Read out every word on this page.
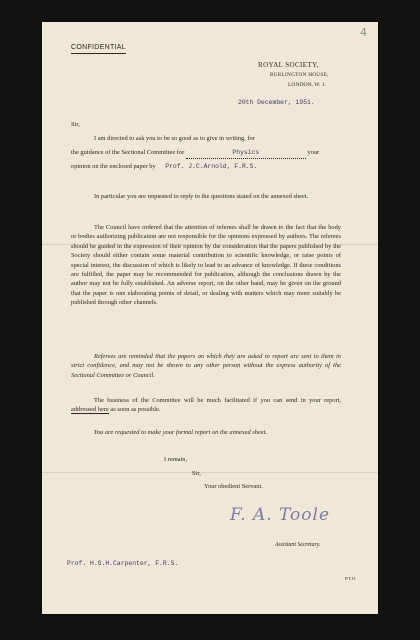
4
CONFIDENTIAL
ROYAL SOCIETY,
BURLINGTON HOUSE,
LONDON, W. 1.
20th December, 1951.
Sir,
I am directed to ask you to be so good as to give in writing, for
the guidance of the Sectional Committee for	Physics	your
opinion on the enclosed paper by Prof. J.C.Arnold, F.R.S.
In particular you are requested to reply to the questions stated on the annexed sheet.
The Council have ordered that the attention of referees shall be drawn to the fact that the body or bodies authorizing publication are not responsible for the opinions expressed by authors. The referees should be guided in the expression of their opinion by the consideration that the papers published by the Society should either contain some material contribution to scientific knowledge, or raise points of special interest, the discussion of which is likely to lead to an advance of knowledge. If these conditions are fulfilled, the paper may be recommended for publication, although the conclusions drawn by the author may not be fully established. An adverse report, on the other hand, may be given on the ground that the paper is one elaborating points of detail, or dealing with matters which may more suitably be published through other channels.
Referees are reminded that the papers on which they are asked to report are sent to them in strict confidence, and may not be shown to any other person without the express authority of the Sectional Committee or Council.
The business of the Committee will be much facilitated if you can send in your report, addressed here as soon as possible.
You are requested to make your formal report on the annexed sheet.
I remain,
Sir,
Your obedient Servant.
F. A. Toole
Assistant Secretary.
Prof. H.G.H.Carpenter, F.R.S.
P.T.O.
